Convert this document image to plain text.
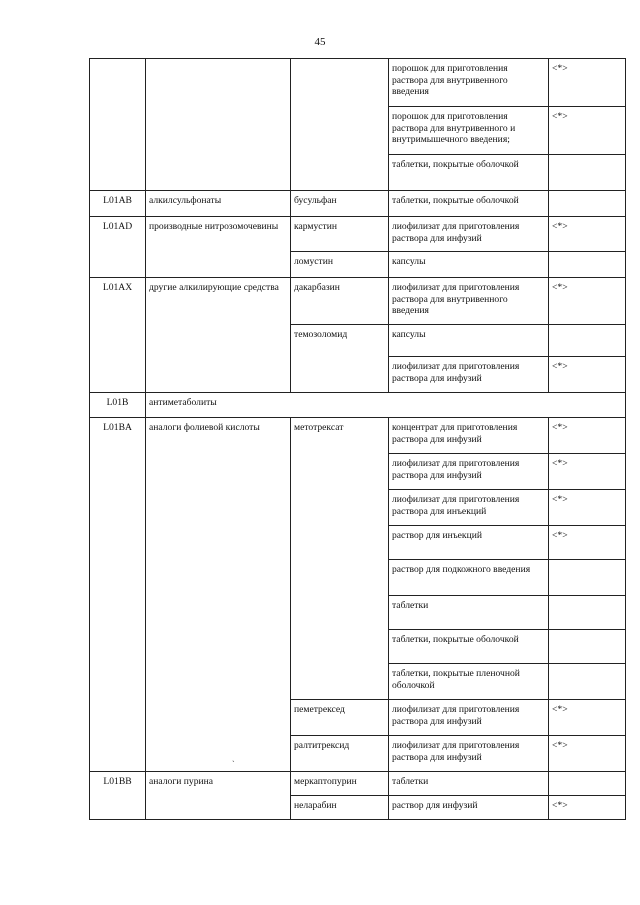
45
			порошок для приготовления раствора для внутривенного введения	<*>
			порошок для приготовления раствора для внутривенного и внутримышечного введения;	<*>
			таблетки, покрытые оболочкой	
L01AB	алкилсульфонаты	бусульфан	таблетки, покрытые оболочкой	
L01AD	производные нитрозомочевины	кармустин	лиофилизат для приготовления раствора для инфузий	<*>
		ломустин	капсулы	
L01AX	другие алкилирующие средства	дакарбазин	лиофилизат для приготовления раствора для внутривенного введения	<*>
		темозоломид	капсулы	
			лиофилизат для приготовления раствора для инфузий	<*>
L01B	антиметаболиты			
L01BA	аналоги фолиевой кислоты	метотрексат	концентрат для приготовления раствора для инфузий	<*>
			лиофилизат для приготовления раствора для инфузий	<*>
			лиофилизат для приготовления раствора для инъекций	<*>
			раствор для инъекций	<*>
			раствор для подкожного введения	
			таблетки	
			таблетки, покрытые оболочкой	
			таблетки, покрытые пленочной оболочкой	
		пеметрексед	лиофилизат для приготовления раствора для инфузий	<*>
		ралтитрексид	лиофилизат для приготовления раствора для инфузий	<*>
L01BB	аналоги пурина	меркаптопурин	таблетки	
		неларабин	раствор для инфузий	<*>
ˎ
